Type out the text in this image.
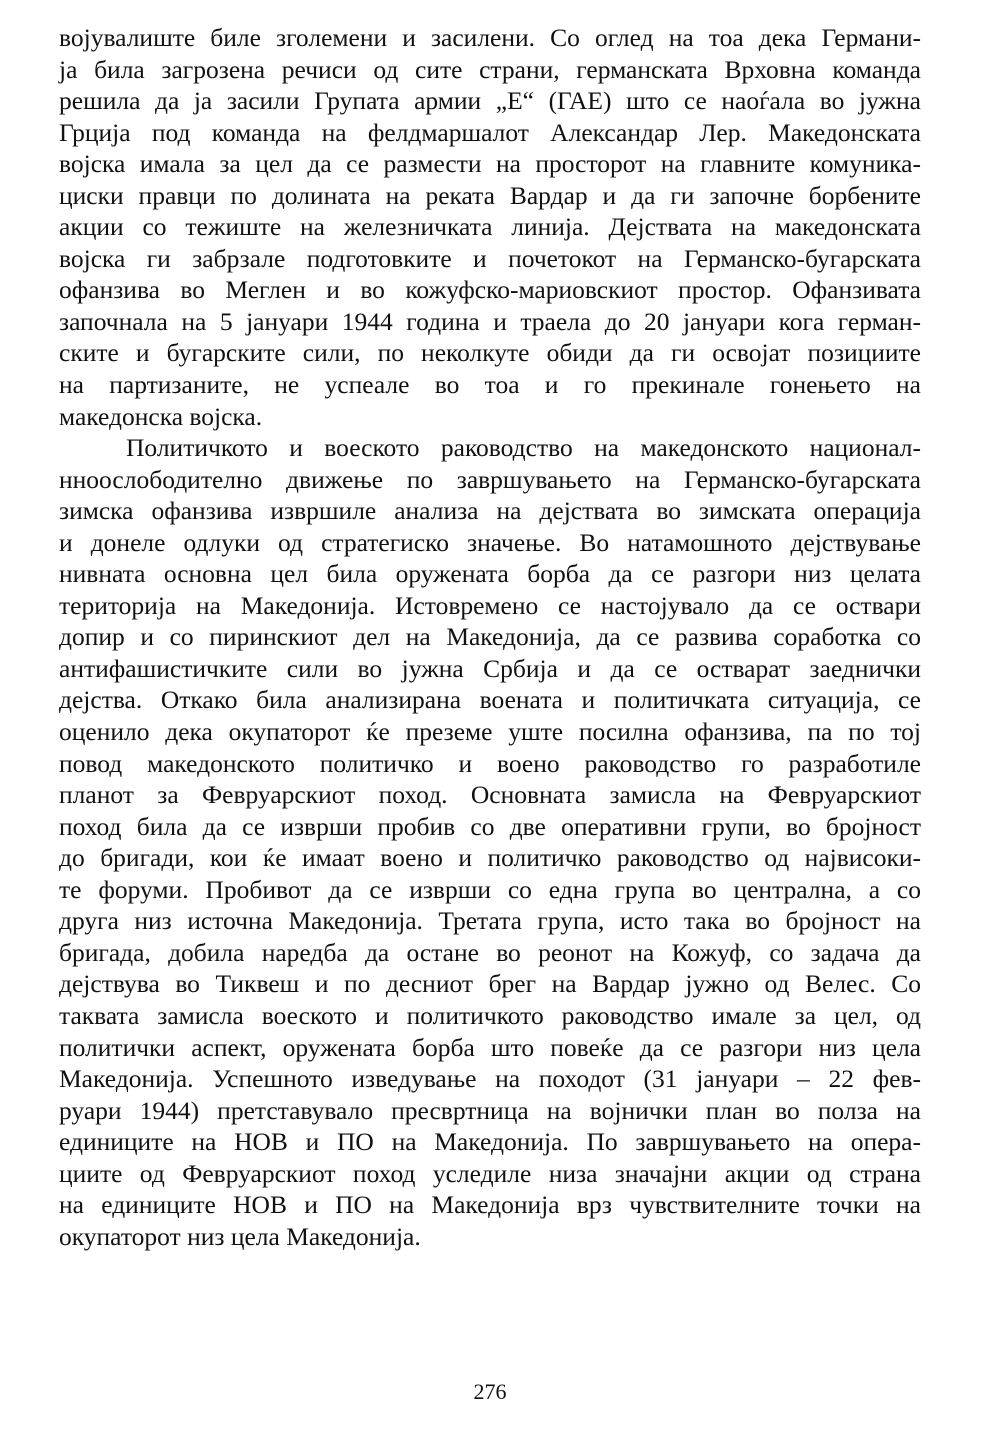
војувалиште биле зголемени и засилени. Со оглед на тоа дека Германи-
ја била загрозена речиси од сите страни, германската Врховна команда
решила да ја засили Групата армии „Е“ (ГАЕ) што се наоѓала во јужна
Грција под команда на фелдмаршалот Александар Лер. Македонската
војска имала за цел да се размести на просторот на главните комуника-
циски правци по долината на реката Вардар и да ги започне борбените
акции со тежиште на железничката линија. Дејствата на македонската
војска ги забрзале подготовките и почетокот на Германско-бугарската
офанзива во Меглен и во кожуфско-мариовскиот простор. Офанзивата
започнала на 5 јануари 1944 година и траела до 20 јануари кога герман-
ските и бугарските сили, по неколкуте обиди да ги освојат позициите
на партизаните, не успеале во тоа и го прекинале гонењето на
македонска војска.
Политичкото и воеското раководство на македонското национал-
нноослободително движење по завршувањето на Германско-бугарската
зимска офанзива извршиле анализа на дејствата во зимската операција
и донеле одлуки од стратегиско значење. Во натамошното дејствување
нивната основна цел била оружената борба да се разгори низ целата
територија на Македонија. Истовремено се настојувало да се оствари
допир и со пиринскиот дел на Македонија, да се развива соработка со
антифашистичките сили во јужна Србија и да се остварат заеднички
дејства. Откако била анализирана воената и политичката ситуација, се
оценило дека окупаторот ќе преземе уште посилна офанзива, па по тој
повод македонското политичко и воено раководство го разработиле
планот за Февруарскиот поход. Основната замисла на Февруарскиот
поход била да се изврши пробив со две оперативни групи, во бројност
до бригади, кои ќе имаат воено и политичко раководство од највисоки-
те форуми. Пробивот да се изврши со една група во централна, а со
друга низ источна Македонија. Третата група, исто така во бројност на
бригада, добила наредба да остане во реонот на Кожуф, со задача да
дејствува во Тиквеш и по десниот брег на Вардар јужно од Велес. Со
таквата замисла воеското и политичкото раководство имале за цел, од
политички аспект, оружената борба што повеќе да се разгори низ цела
Македонија. Успешното изведување на походот (31 јануари – 22 фев-
руари 1944) претставувало пресвртница на војнички план во полза на
единиците на НОВ и ПО на Македонија. По завршувањето на опера-
циите од Февруарскиот поход уследиле низа значајни акции од страна
на единиците НОВ и ПО на Македонија врз чувствителните точки на
окупаторот низ цела Македонија.
276
